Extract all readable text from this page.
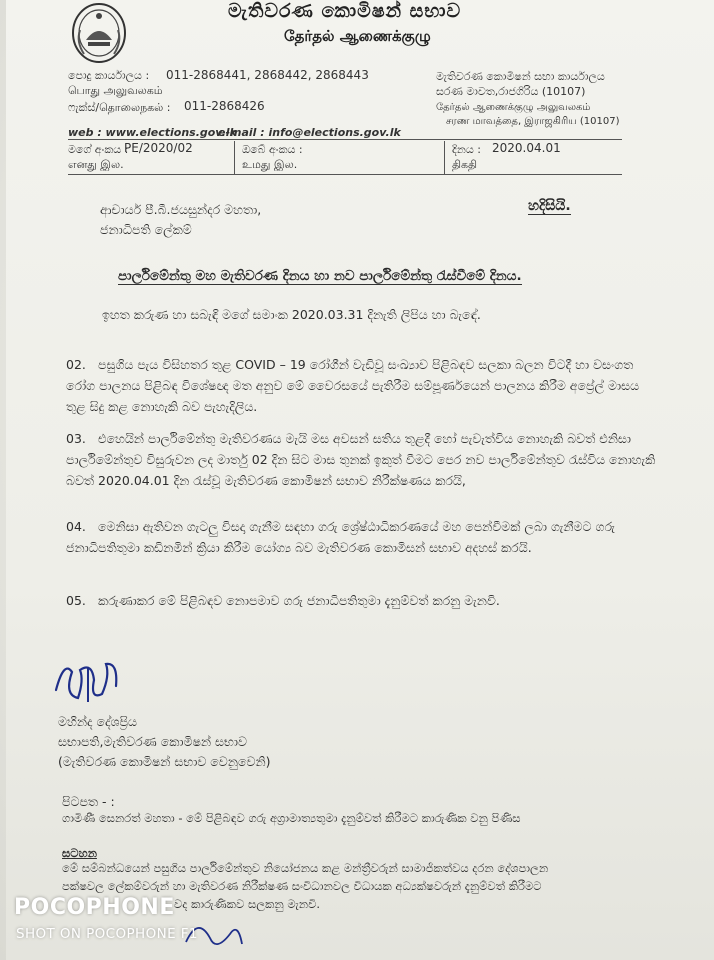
මැතිවරණ කොමිෂන් සභාව
தேர்தல் ஆணைக்குழு
පොදු කාර්යාලය :
பொது அலுவலகம்
011-2868441, 2868442, 2868443
ෆැක්ස්/தொலைநகல் : 011-2868426
මැතිවරණ කොමිෂන් සභා කාර්යාලය
සරණ මාවත,රාජගිරිය (10107)
தேர்தல் ஆணைக்குழு அலுவலகம்
சரண மாவத்தை, இராஜகிரிய (10107)
web : www.elections.gov.lk
e-mail : info@elections.gov.lk
මගේ අංකය :
PE/2020/02
எனது இல.
ඔබේ අංකය :
உமது இல.
දිනය : 2020.04.01
திகதி
ආචාර්ය පී.බී.ජයසුන්දර මහතා,
ජනාධිපති ලේකම්
හදිසියි.
පාර්ලිමේන්තු මහ මැතිවරණ දිනය හා නව පාර්ලිමේන්තු රැස්වීමේ දිනය.
ඉහත කරුණ හා සබැඳි මගේ සමාංක 2020.03.31 දිනැති ලිපිය හා බැඳේ.
02. පසුගිය පැය විසිහතර තුළ COVID – 19 රෝගීන් වැඩිවූ සංඛ්‍යාව පිළිබඳව සලකා බලන විටදී හා වසංගත රෝග පාලනය පිළිබඳ විශේෂඥ මත අනුව මේ වෛරසයේ පැතිරීම සම්පූර්ණයෙන් පාලනය කිරීම අප්‍රේල් මාසය තුළ සිදු කළ නොහැකි බව පැහැදිලිය.
03. එහෙයින් පාර්ලිමේන්තු මැතිවරණය මැයි මස අවසන් සතිය තුළදී හෝ පැවැත්විය නොහැකි බවත් එනිසා පාර්ලිමේන්තුව විසුරුවන ලද මාර්තු 02 දින සිට මාස තුනක් ඉකුත් වීමට පෙර නව පාර්ලිමේන්තුව රැස්විය නොහැකි බවත් 2020.04.01 දින රැස්වූ මැතිවරණ කොමිෂන් සභාව නිරීක්ෂණය කරයි,
04. මෙනිසා ඇතිවන ගැටලු විසදා ගැනීම සඳහා ගරු ශ්‍රේෂ්ඨාධිකරණයේ මහ පෙන්වීමක් ලබා ගැනීමට ගරු ජනාධිපතිතුමා කඩිනමින් ක්‍රියා කිරීම යෝග්‍ය බව මැතිවරණ කොමිසන් සභාව අදහස් කරයි.
05. කරුණාකර මේ පිළිබඳව නොපමාව ගරු ජනාධිපතිතුමා දැනුම්වත් කරනු මැනවි.
මහින්ද දේශප්‍රිය
සභාපති,මැතිවරණ කොමිෂන් සභාව
(මැතිවරණ කොමිෂන් සභාව වෙනුවෙනි)
පිටපත - :
ගාමිණී සෙනරත් මහතා - මේ පිළිබඳව ගරු අග්‍රාමාත්‍යතුමා දැනුම්වත් කිරීමට කාරුණික වනු පිණිස
සටහන
මේ සම්බන්ධයෙන් පසුගිය පාර්ලිමේන්තුව නියෝජනය කළ මන්ත්‍රීවරුන් සාමාජිකත්වය දරන දේශපාලන
පක්ෂවල ලේකම්වරුන් හා මැතිවරණ නිරීක්ෂණ සංවිධානවල විධායක අධ්‍යක්ෂවරුන් දැනුම්වත් කිරීමට
වද කාරුණිකව සලකනු මැනවි.
POCOPHONE
SHOT ON POCOPHONE F1
